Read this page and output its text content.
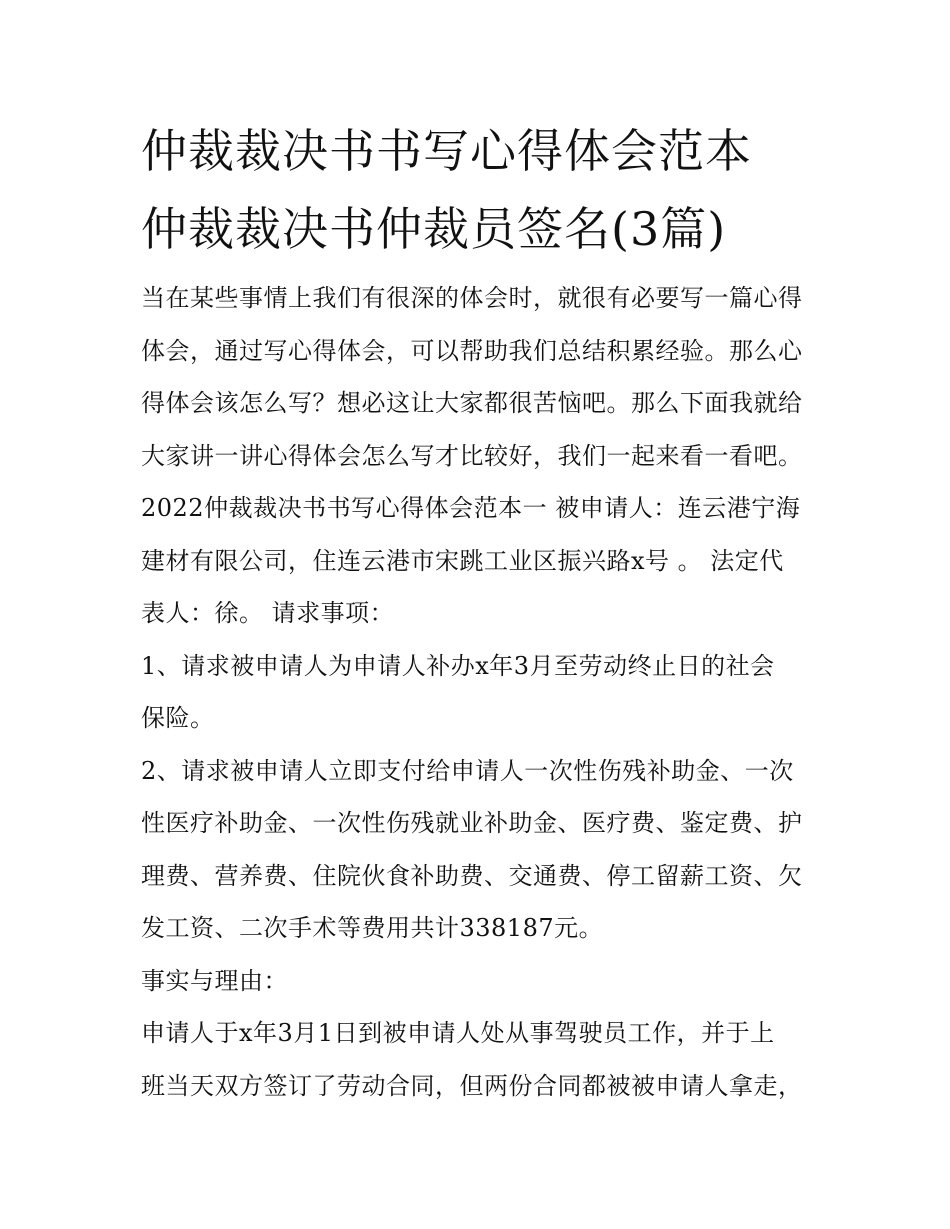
仲裁裁决书书写心得体会范本
仲裁裁决书仲裁员签名(3篇)
当在某些事情上我们有很深的体会时，就很有必要写一篇心得
体会，通过写心得体会，可以帮助我们总结积累经验。那么心
得体会该怎么写？想必这让大家都很苦恼吧。那么下面我就给
大家讲一讲心得体会怎么写才比较好，我们一起来看一看吧。
2022仲裁裁决书书写心得体会范本一 被申请人：连云港宁海
建材有限公司，住连云港市宋跳工业区振兴路x号 。 法定代
表人：徐。 请求事项：
1、请求被申请人为申请人补办x年3月至劳动终止日的社会
保险。
2、请求被申请人立即支付给申请人一次性伤残补助金、一次
性医疗补助金、一次性伤残就业补助金、医疗费、鉴定费、护
理费、营养费、住院伙食补助费、交通费、停工留薪工资、欠
发工资、二次手术等费用共计338187元。
事实与理由：
申请人于x年3月1日到被申请人处从事驾驶员工作，并于上
班当天双方签订了劳动合同，但两份合同都被被申请人拿走，
